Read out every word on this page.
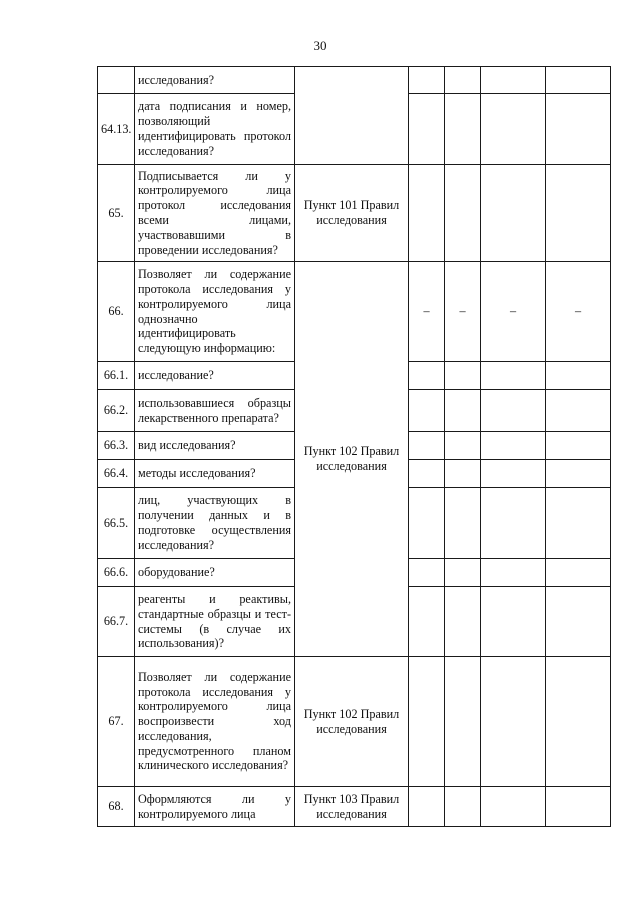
30
	исследования?					
64.13.	дата подписания и номер, позволяющий идентифицировать протокол исследования?					
65.	Подписывается ли у контролируемого лица протокол исследования всеми лицами, участвовавшими в проведении исследования?	Пункт 101 Правил исследования				
66.	Позволяет ли содержание протокола исследования у контролируемого лица однозначно идентифицировать следующую информацию:	Пункт 102 Правил исследования	–	–	–	–
66.1.	исследование?					
66.2.	использовавшиеся образцы лекарственного препарата?					
66.3.	вид исследования?					
66.4.	методы исследования?					
66.5.	лиц, участвующих в получении данных и в подготовке осуществления исследования?					
66.6.	оборудование?					
66.7.	реагенты и реактивы, стандартные образцы и тест-системы (в случае их использования)?					
67.	Позволяет ли содержание протокола исследования у контролируемого лица воспроизвести ход исследования, предусмотренного планом клинического исследования?	Пункт 102 Правил исследования				
68.	Оформляются ли у контролируемого лица	Пункт 103 Правил исследования				
